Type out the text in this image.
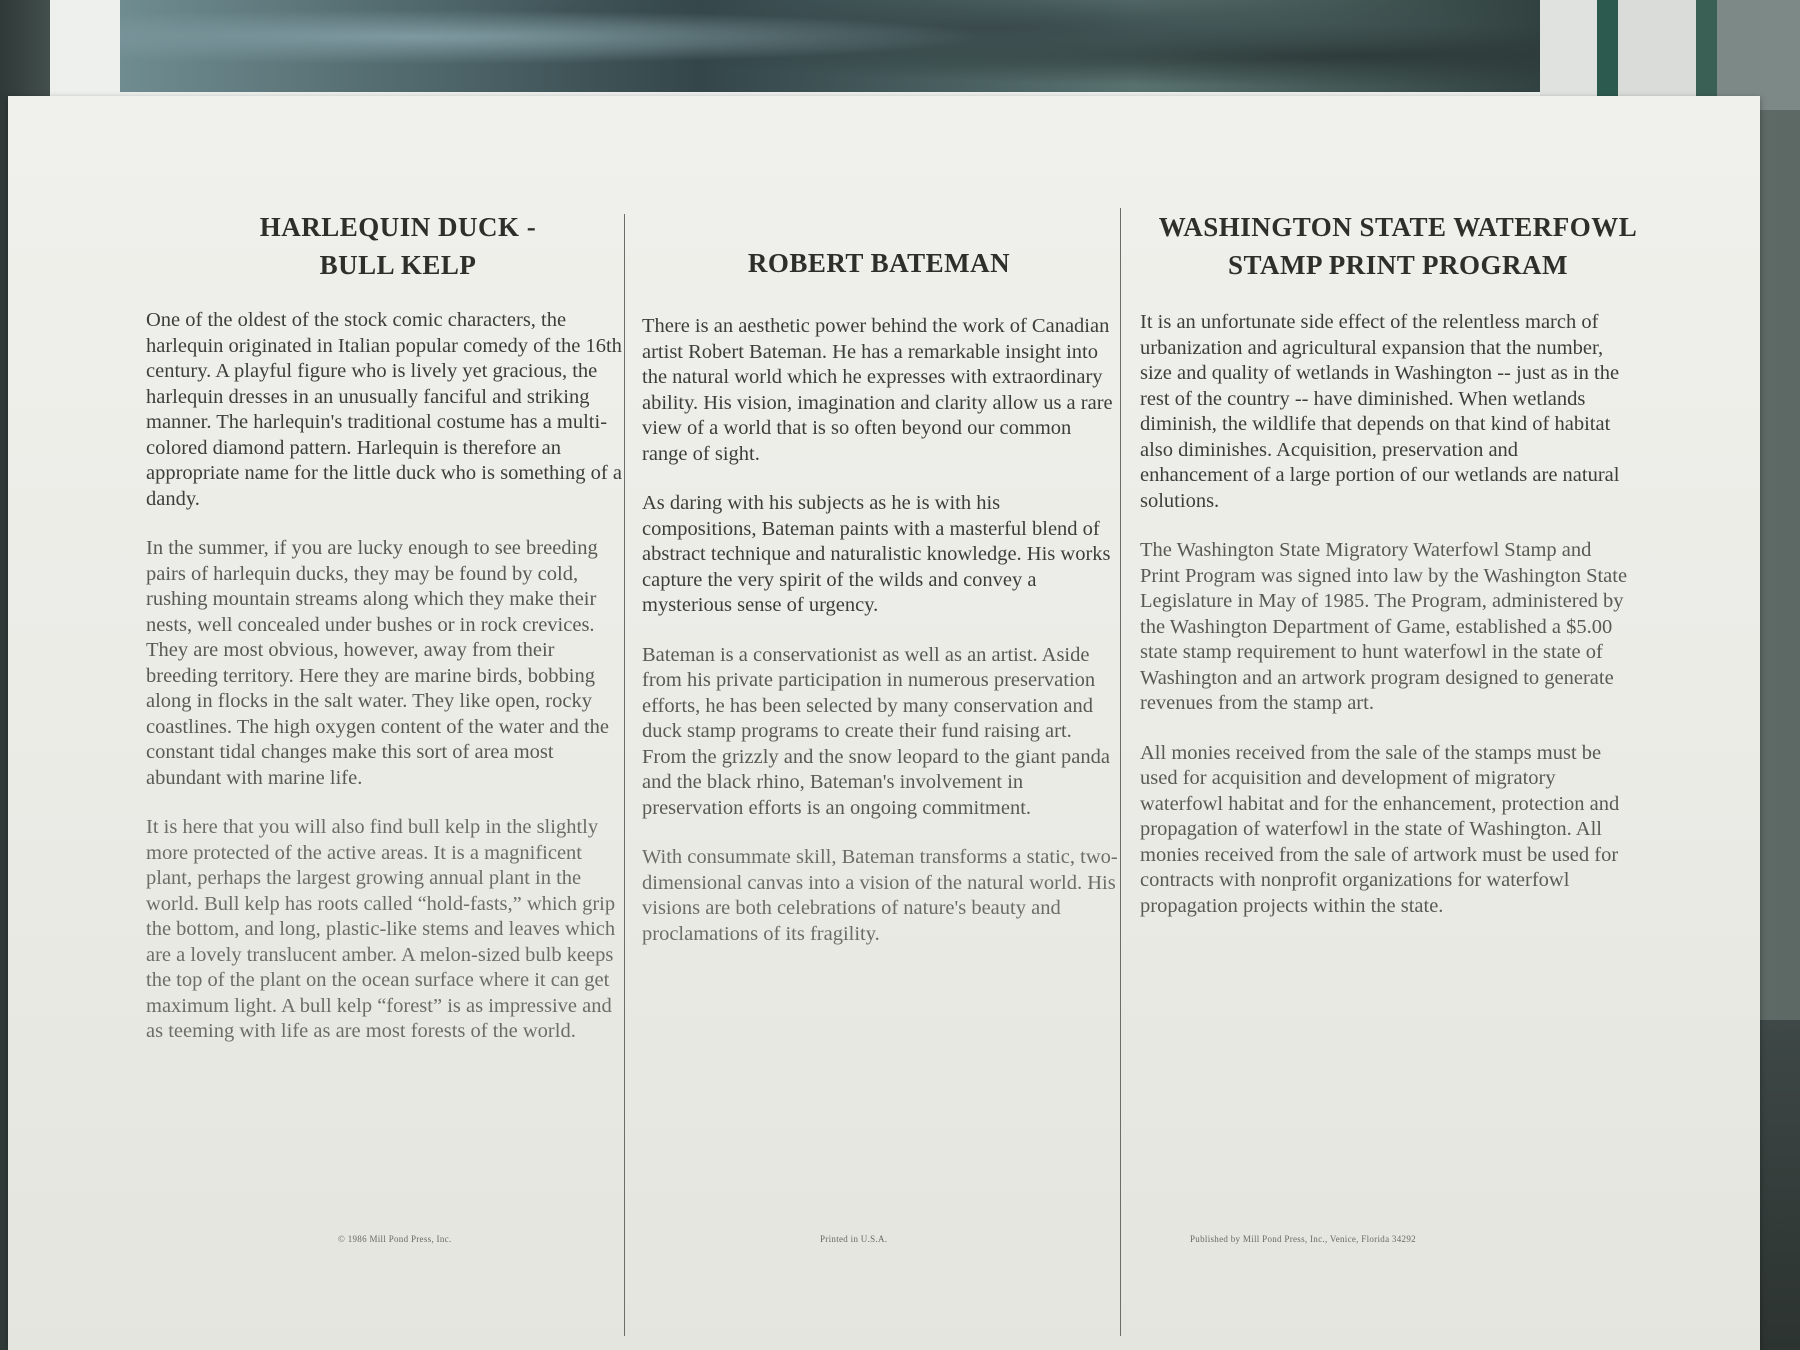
HARLEQUIN DUCK -
BULL KELP

One of the oldest of the stock comic characters, the harlequin originated in Italian popular comedy of the 16th century. A playful figure who is lively yet gracious, the harlequin dresses in an unusually fanciful and striking manner. The harlequin's traditional costume has a multi-colored diamond pattern. Harlequin is therefore an appropriate name for the little duck who is something of a dandy.

In the summer, if you are lucky enough to see breeding pairs of harlequin ducks, they may be found by cold, rushing mountain streams along which they make their nests, well concealed under bushes or in rock crevices. They are most obvious, however, away from their breeding territory. Here they are marine birds, bobbing along in flocks in the salt water. They like open, rocky coastlines. The high oxygen content of the water and the constant tidal changes make this sort of area most abundant with marine life.

It is here that you will also find bull kelp in the slightly more protected of the active areas. It is a magnificent plant, perhaps the largest growing annual plant in the world. Bull kelp has roots called “hold-fasts,” which grip the bottom, and long, plastic-like stems and leaves which are a lovely translucent amber. A melon-sized bulb keeps the top of the plant on the ocean surface where it can get maximum light. A bull kelp “forest” is as impressive and as teeming with life as are most forests of the world.

© 1986 Mill Pond Press, Inc.
ROBERT BATEMAN

There is an aesthetic power behind the work of Canadian artist Robert Bateman. He has a remarkable insight into the natural world which he expresses with extraordinary ability. His vision, imagination and clarity allow us a rare view of a world that is so often beyond our common range of sight.

As daring with his subjects as he is with his compositions, Bateman paints with a masterful blend of abstract technique and naturalistic knowledge. His works capture the very spirit of the wilds and convey a mysterious sense of urgency.

Bateman is a conservationist as well as an artist. Aside from his private participation in numerous preservation efforts, he has been selected by many conservation and duck stamp programs to create their fund raising art. From the grizzly and the snow leopard to the giant panda and the black rhino, Bateman's involvement in preservation efforts is an ongoing commitment.

With consummate skill, Bateman transforms a static, two-dimensional canvas into a vision of the natural world. His visions are both celebrations of nature's beauty and proclamations of its fragility.

Printed in U.S.A.
WASHINGTON STATE WATERFOWL
STAMP PRINT PROGRAM

It is an unfortunate side effect of the relentless march of urbanization and agricultural expansion that the number, size and quality of wetlands in Washington -- just as in the rest of the country -- have diminished. When wetlands diminish, the wildlife that depends on that kind of habitat also diminishes. Acquisition, preservation and enhancement of a large portion of our wetlands are natural solutions.

The Washington State Migratory Waterfowl Stamp and Print Program was signed into law by the Washington State Legislature in May of 1985. The Program, administered by the Washington Department of Game, established a $5.00 state stamp requirement to hunt waterfowl in the state of Washington and an artwork program designed to generate revenues from the stamp art.

All monies received from the sale of the stamps must be used for acquisition and development of migratory waterfowl habitat and for the enhancement, protection and propagation of waterfowl in the state of Washington. All monies received from the sale of artwork must be used for contracts with nonprofit organizations for waterfowl propagation projects within the state.

Published by Mill Pond Press, Inc., Venice, Florida 34292
